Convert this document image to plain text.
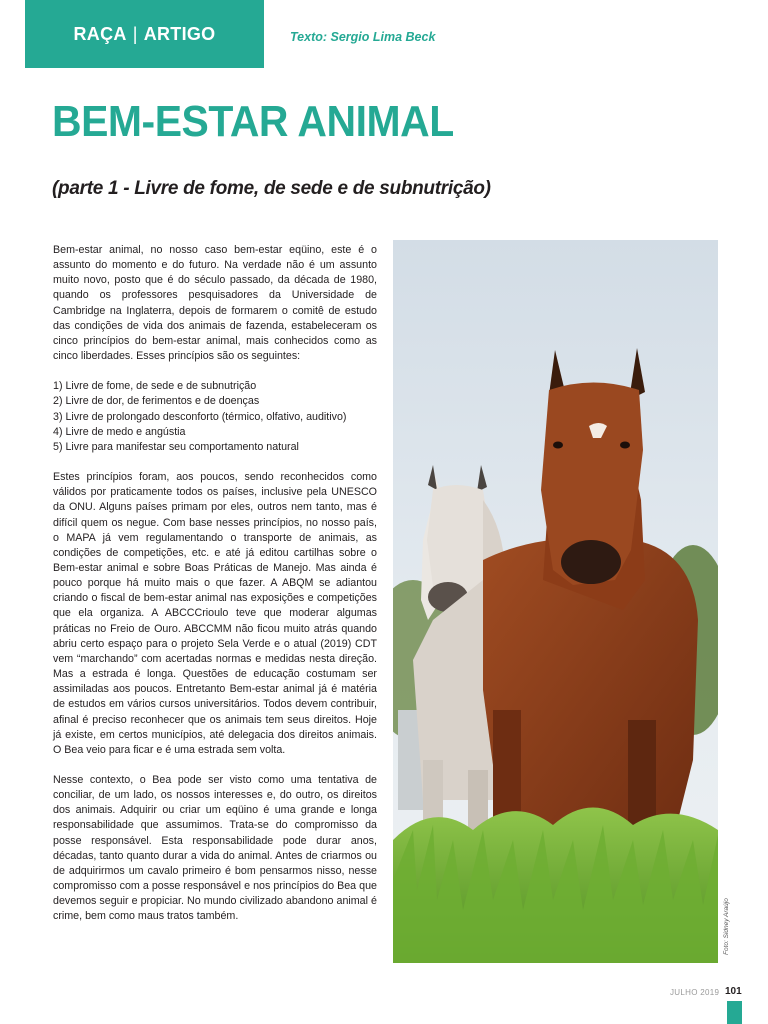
RAÇA | ARTIGO	Texto: Sergio Lima Beck
BEM-ESTAR ANIMAL
(parte 1 - Livre de fome, de sede e de subnutrição)

Bem-estar animal, no nosso caso bem-estar eqüino, este é o assunto do momento e do futuro. Na verdade não é um assunto muito novo, posto que é do século passado, da década de 1980, quando os professores pesquisadores da Universidade de Cambridge na Inglaterra, depois de formarem o comitê de estudo das condições de vida dos animais de fazenda, estabeleceram os cinco princípios do bem-estar animal, mais conhecidos como as cinco liberdades. Esses princípios são os seguintes:

1) Livre de fome, de sede e de subnutrição
2) Livre de dor, de ferimentos e de doenças
3) Livre de prolongado desconforto (térmico, olfativo, auditivo)
4) Livre de medo e angústia
5) Livre para manifestar seu comportamento natural

Estes princípios foram, aos poucos, sendo reconhecidos como válidos por praticamente todos os países, inclusive pela UNESCO da ONU. Alguns países primam por eles, outros nem tanto, mas é difícil quem os negue. Com base nesses princípios, no nosso país, o MAPA já vem regulamentando o transporte de animais, as condições de competições, etc. e até já editou cartilhas sobre o Bem-estar animal e sobre Boas Práticas de Manejo. Mas ainda é pouco porque há muito mais o que fazer. A ABQM se adiantou criando o fiscal de bem-estar animal nas exposições e competições que ela organiza. A ABCCCrioulo teve que moderar algumas práticas no Freio de Ouro. ABCCMM não ficou muito atrás quando abriu certo espaço para o projeto Sela Verde e o atual (2019) CDT vem “marchando” com acertadas normas e medidas nesta direção. Mas a estrada é longa. Questões de educação costumam ser assimiladas aos poucos. Entretanto Bem-estar animal já é matéria de estudos em vários cursos universitários. Todos devem contribuir, afinal é preciso reconhecer que os animais tem seus direitos. Hoje já existe, em certos municípios, até delegacia dos direitos animais. O Bea veio para ficar e é uma estrada sem volta.

Nesse contexto, o Bea pode ser visto como uma tentativa de conciliar, de um lado, os nossos interesses e, do outro, os direitos dos animais. Adquirir ou criar um eqüino é uma grande e longa responsabilidade que assumimos. Trata-se do compromisso da posse responsável. Esta responsabilidade pode durar anos, décadas, tanto quanto durar a vida do animal. Antes de criarmos ou de adquirirmos um cavalo primeiro é bom pensarmos nisso, nesse compromisso com a posse responsável e nos princípios do Bea que devemos seguir e propiciar. No mundo civilizado abandono animal é crime, bem como maus tratos também.	Foto: Sidney Araújo
JULHO 2019 101
